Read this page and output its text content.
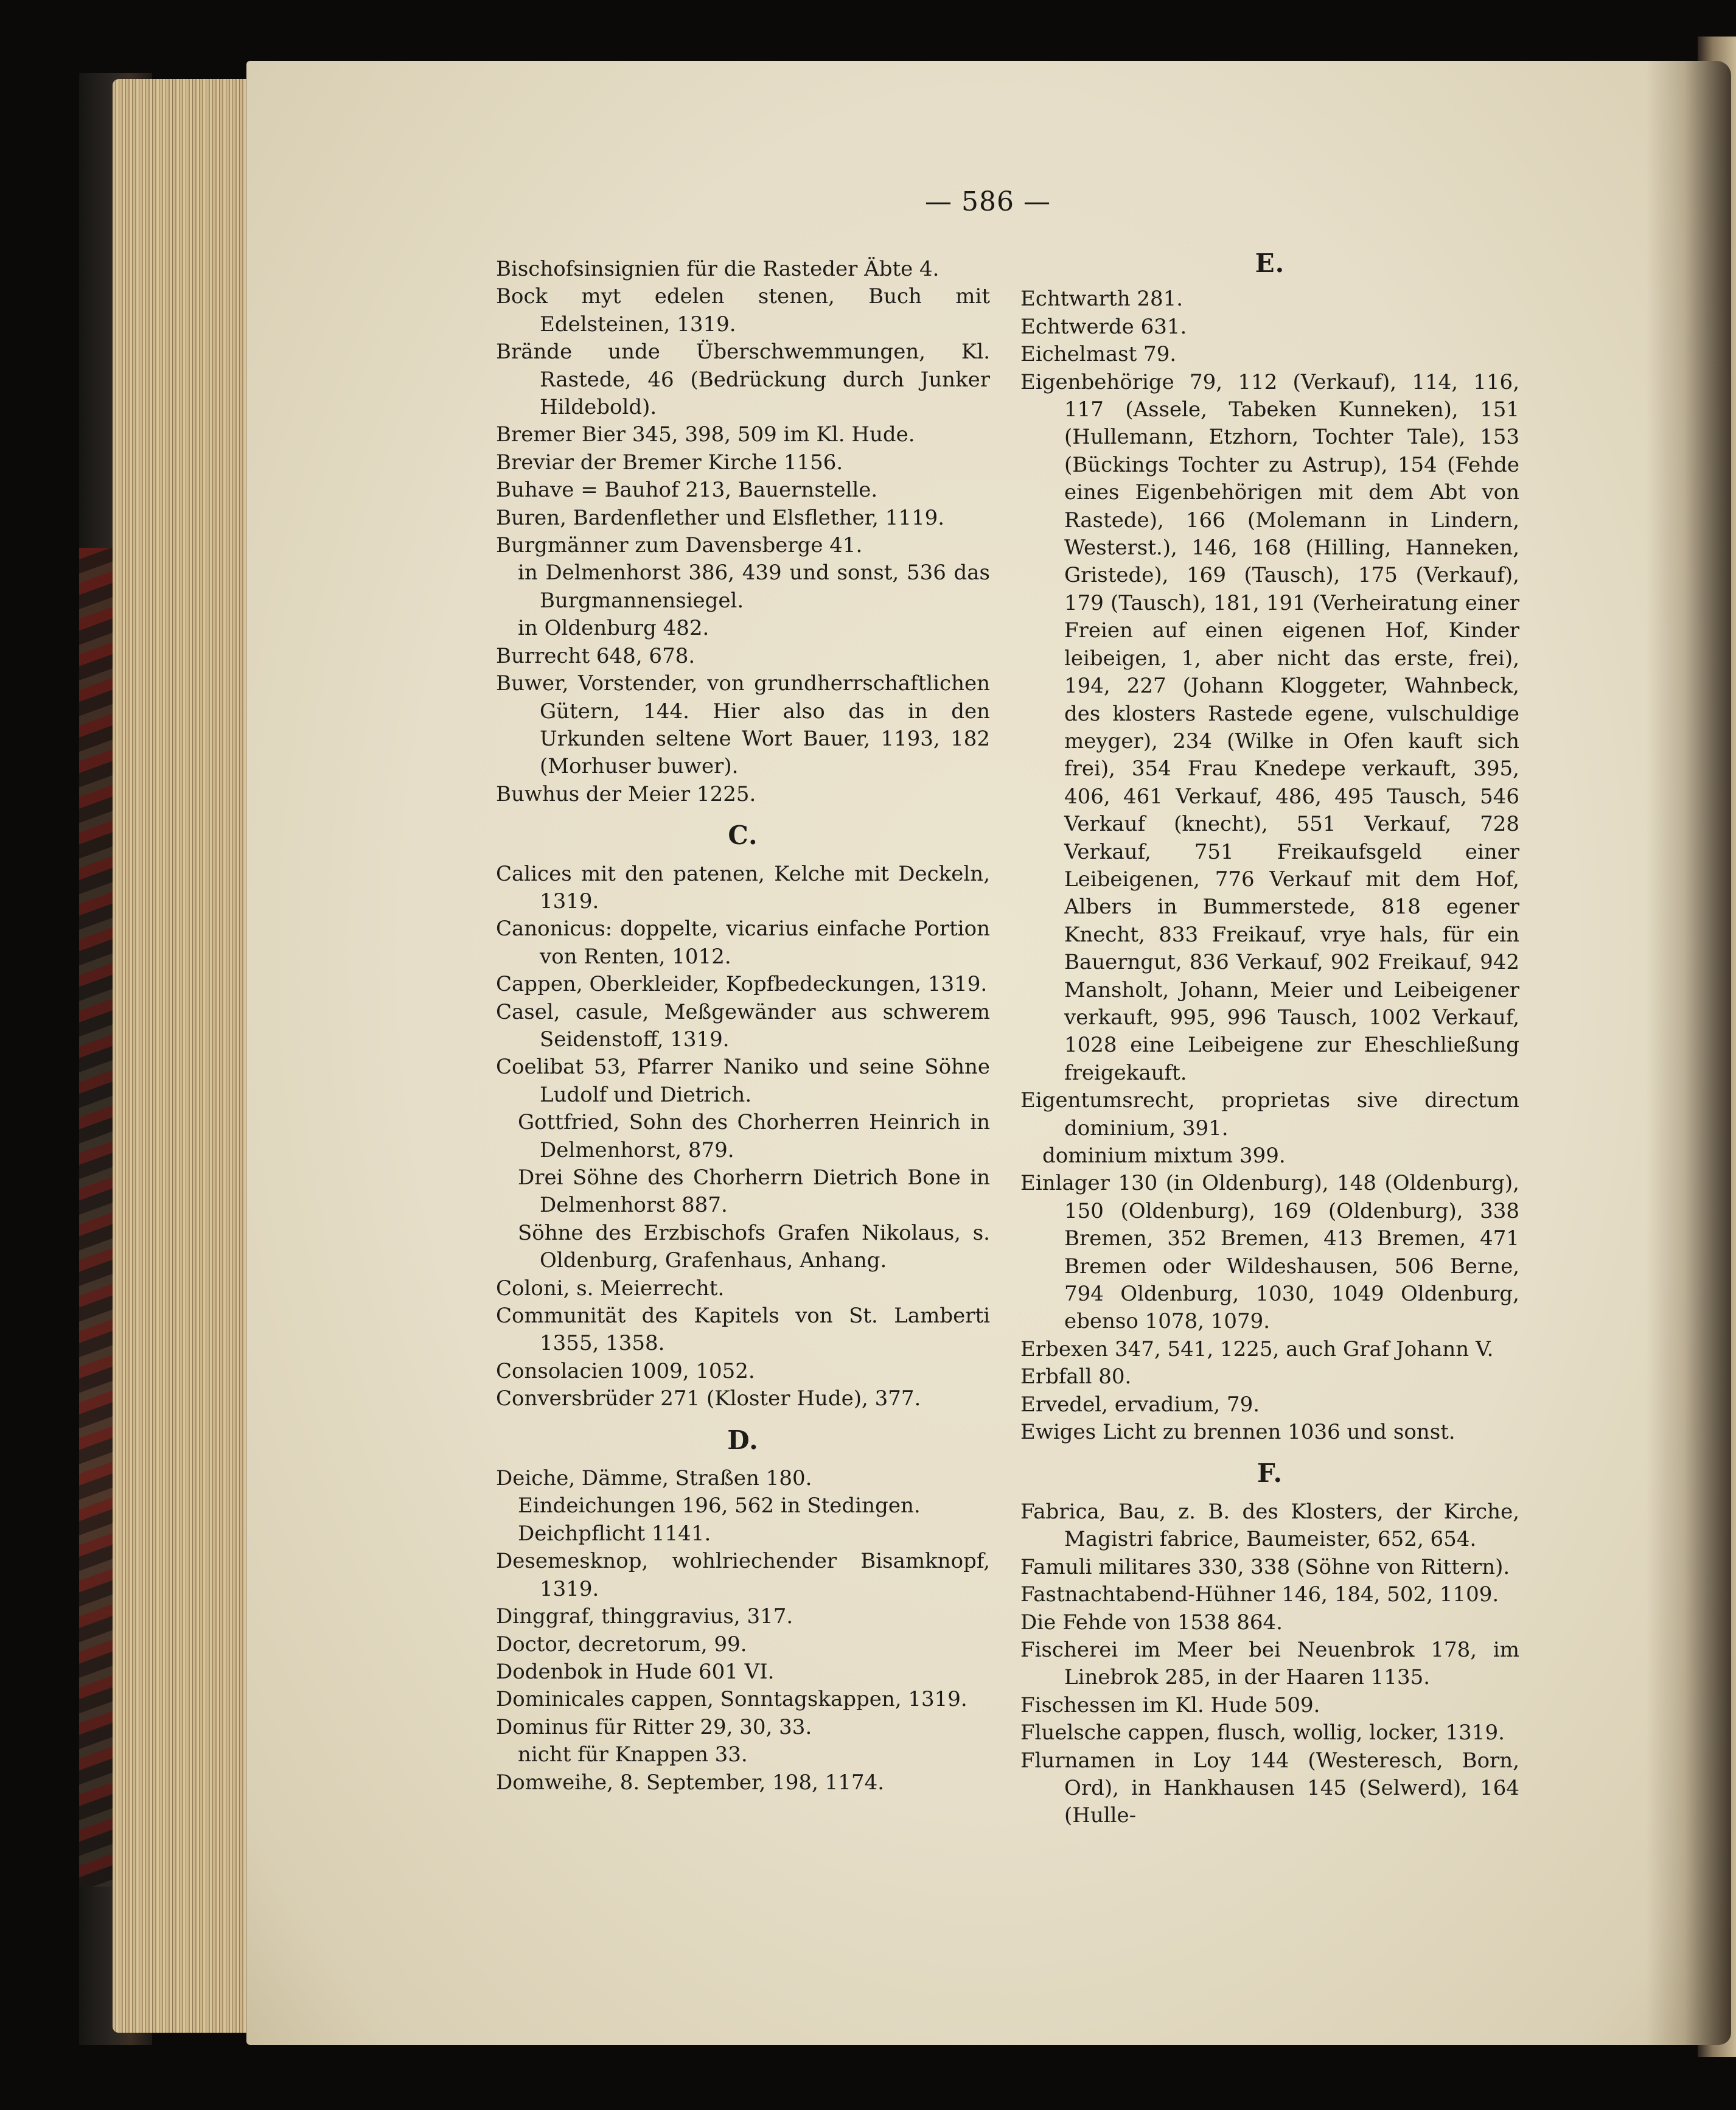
— 586 —

Bischofsinsignien für die Rasteder Äbte 4.

Bock myt edelen stenen, Buch mit Edelsteinen, 1319.

Brände unde Überschwemmungen, Kl. Rastede, 46 (Bedrückung durch Junker Hildebold).

Bremer Bier 345, 398, 509 im Kl. Hude.

Breviar der Bremer Kirche 1156.

Buhave = Bauhof 213, Bauernstelle.

Buren, Bardenflether und Elsflether, 1119.

Burgmänner zum Davensberge 41.

in Delmenhorst 386, 439 und sonst, 536 das Burgmannensiegel.

in Oldenburg 482.

Burrecht 648, 678.

Buwer, Vorstender, von grundherrschaftlichen Gütern, 144. Hier also das in den Urkunden seltene Wort Bauer, 1193, 182 (Morhuser buwer).

Buwhus der Meier 1225.

C.

Calices mit den patenen, Kelche mit Deckeln, 1319.

Canonicus: doppelte, vicarius einfache Portion von Renten, 1012.

Cappen, Oberkleider, Kopfbedeckungen, 1319.

Casel, casule, Meßgewänder aus schwerem Seidenstoff, 1319.

Coelibat 53, Pfarrer Naniko und seine Söhne Ludolf und Dietrich.

Gottfried, Sohn des Chorherren Heinrich in Delmenhorst, 879.

Drei Söhne des Chorherrn Dietrich Bone in Delmenhorst 887.

Söhne des Erzbischofs Grafen Nikolaus, s. Oldenburg, Grafenhaus, Anhang.

Coloni, s. Meierrecht.

Communität des Kapitels von St. Lamberti 1355, 1358.

Consolacien 1009, 1052.

Conversbrüder 271 (Kloster Hude), 377.

D.

Deiche, Dämme, Straßen 180.

Eindeichungen 196, 562 in Stedingen.

Deichpflicht 1141.

Desemesknop, wohlriechender Bisamknopf, 1319.

Dinggraf, thinggravius, 317.

Doctor, decretorum, 99.

Dodenbok in Hude 601 VI.

Dominicales cappen, Sonntagskappen, 1319.

Dominus für Ritter 29, 30, 33.

nicht für Knappen 33.

Domweihe, 8. September, 198, 1174.

E.

Echtwarth 281.

Echtwerde 631.

Eichelmast 79.

Eigenbehörige 79, 112 (Verkauf), 114, 116, 117 (Assele, Tabeken Kunneken), 151 (Hullemann, Etzhorn, Tochter Tale), 153 (Bückings Tochter zu Astrup), 154 (Fehde eines Eigenbehörigen mit dem Abt von Rastede), 166 (Molemann in Lindern, Westerst.), 146, 168 (Hilling, Hanneken, Gristede), 169 (Tausch), 175 (Verkauf), 179 (Tausch), 181, 191 (Verheiratung einer Freien auf einen eigenen Hof, Kinder leibeigen, 1, aber nicht das erste, frei), 194, 227 (Johann Kloggeter, Wahnbeck, des klosters Rastede egene, vulschuldige meyger), 234 (Wilke in Ofen kauft sich frei), 354 Frau Knedepe verkauft, 395, 406, 461 Verkauf, 486, 495 Tausch, 546 Verkauf (knecht), 551 Verkauf, 728 Verkauf, 751 Freikaufsgeld einer Leibeigenen, 776 Verkauf mit dem Hof, Albers in Bummerstede, 818 egener Knecht, 833 Freikauf, vrye hals, für ein Bauerngut, 836 Verkauf, 902 Freikauf, 942 Mansholt, Johann, Meier und Leibeigener verkauft, 995, 996 Tausch, 1002 Verkauf, 1028 eine Leibeigene zur Eheschließung freigekauft.

Eigentumsrecht, proprietas sive directum dominium, 391.

dominium mixtum 399.

Einlager 130 (in Oldenburg), 148 (Oldenburg), 150 (Oldenburg), 169 (Oldenburg), 338 Bremen, 352 Bremen, 413 Bremen, 471 Bremen oder Wildeshausen, 506 Berne, 794 Oldenburg, 1030, 1049 Oldenburg, ebenso 1078, 1079.

Erbexen 347, 541, 1225, auch Graf Johann V.

Erbfall 80.

Ervedel, ervadium, 79.

Ewiges Licht zu brennen 1036 und sonst.

F.

Fabrica, Bau, z. B. des Klosters, der Kirche, Magistri fabrice, Baumeister, 652, 654.

Famuli militares 330, 338 (Söhne von Rittern).

Fastnachtabend-Hühner 146, 184, 502, 1109.

Die Fehde von 1538 864.

Fischerei im Meer bei Neuenbrok 178, im Linebrok 285, in der Haaren 1135.

Fischessen im Kl. Hude 509.

Fluelsche cappen, flusch, wollig, locker, 1319.

Flurnamen in Loy 144 (Westeresch, Born, Ord), in Hankhausen 145 (Selwerd), 164 (Hulle-
